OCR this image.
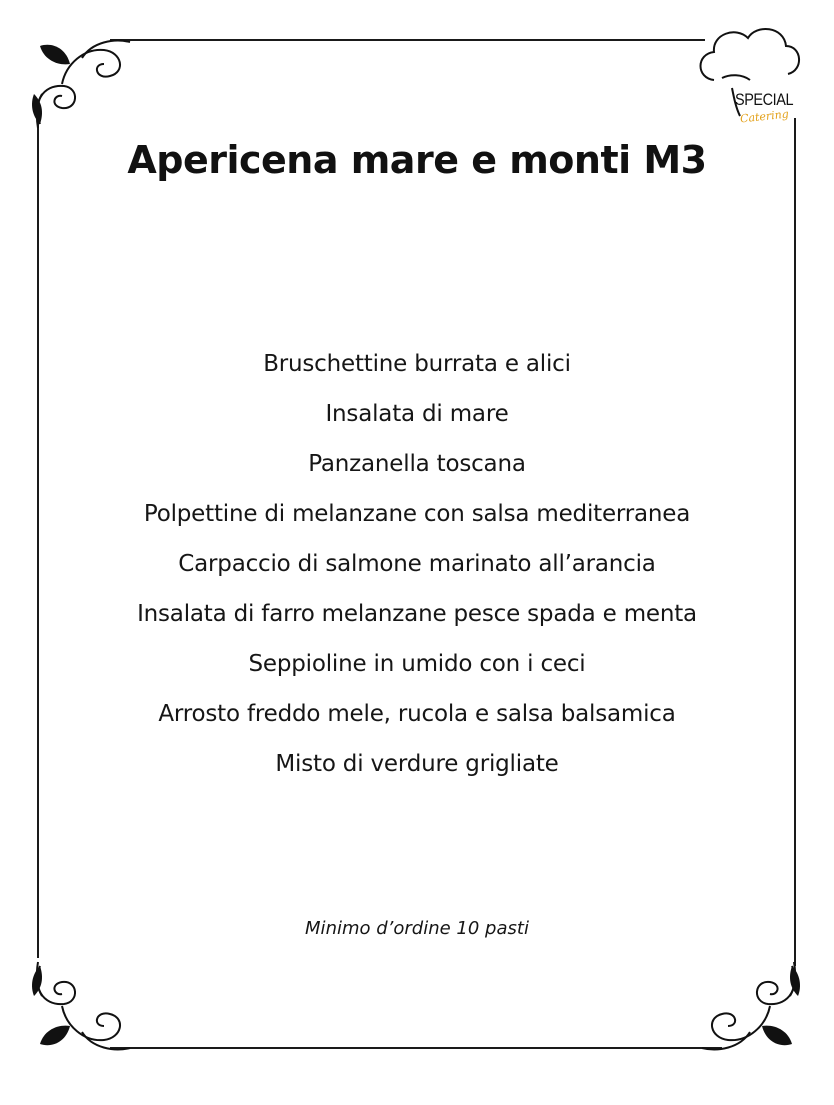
SPECIAL
Catering
Apericena mare e monti M3
Bruschettine burrata e alici
Insalata di mare
Panzanella toscana
Polpettine di melanzane con salsa mediterranea
Carpaccio di salmone marinato all’arancia
Insalata di farro melanzane pesce spada e menta
Seppioline in umido con i ceci
Arrosto freddo mele, rucola e salsa balsamica
Misto di verdure grigliate
Minimo d’ordine 10 pasti
